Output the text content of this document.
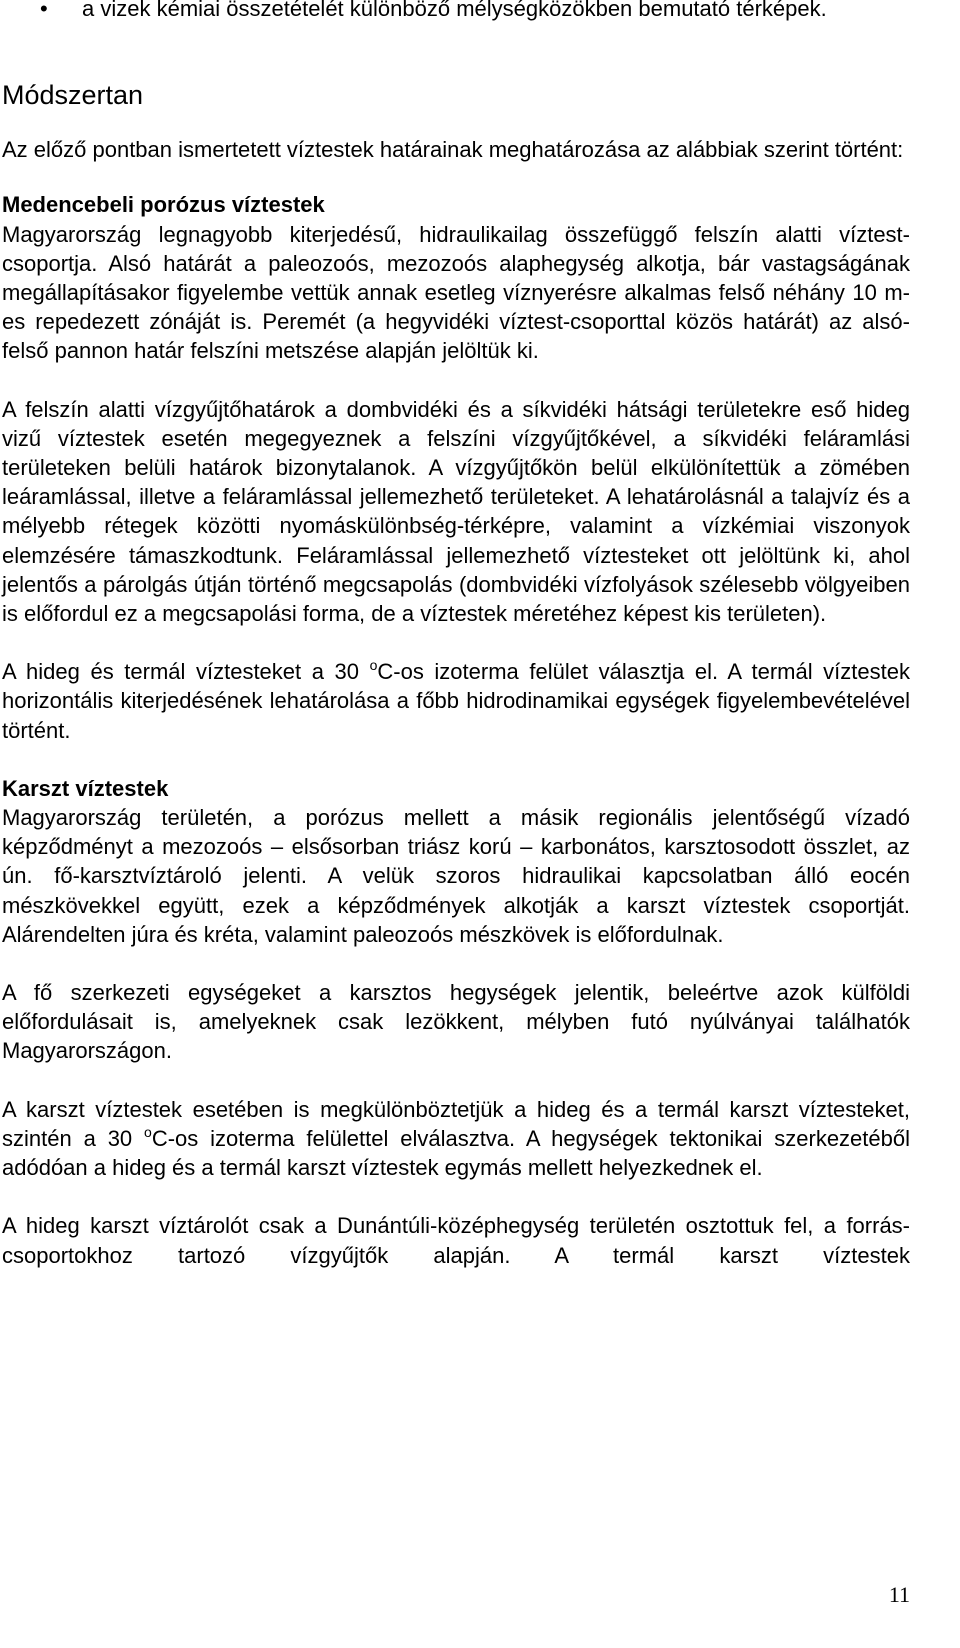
• a vizek kémiai összetételét különböző mélységközökben bemutató térképek.
Módszertan

Az előző pontban ismertetett víztestek határainak meghatározása az alábbiak szerint történt:

Medencebeli porózus víztestek

Magyarország legnagyobb kiterjedésű, hidraulikailag összefüggő felszín alatti víztest-csoportja. Alsó határát a paleozoós, mezozoós alaphegység alkotja, bár vastagságának megállapításakor figyelembe vettük annak esetleg víznyerésre alkalmas felső néhány 10 m-es repedezett zónáját is. Peremét (a hegyvidéki víztest-csoporttal közös határát) az alsó-felső pannon határ felszíni metszése alapján jelöltük ki.

A felszín alatti vízgyűjtőhatárok a dombvidéki és a síkvidéki hátsági területekre eső hideg vizű víztestek esetén megegyeznek a felszíni vízgyűjtőkével, a síkvidéki feláramlási területeken belüli határok bizonytalanok. A vízgyűjtőkön belül elkülönítettük a zömében leáramlással, illetve a feláramlással jellemezhető területeket. A lehatárolásnál a talajvíz és a mélyebb rétegek közötti nyomáskülönbség-térképre, valamint a vízkémiai viszonyok elemzésére támaszkodtunk. Feláramlással jellemezhető víztesteket ott jelöltünk ki, ahol jelentős a párolgás útján történő megcsapolás (dombvidéki vízfolyások szélesebb völgyeiben is előfordul ez a megcsapolási forma, de a víztestek méretéhez képest kis területen).

A hideg és termál víztesteket a 30 $^o$C-os izoterma felület választja el. A termál víztestek horizontális kiterjedésének lehatárolása a főbb hidrodinamikai egységek figyelembevételével történt.

Karszt víztestek

Magyarország területén, a porózus mellett a másik regionális jelentőségű vízadó képződményt a mezozoós – elsősorban triász korú – karbonátos, karsztosodott összlet, az ún. fő-karsztvíztároló jelenti. A velük szoros hidraulikai kapcsolatban álló eocén mészkövekkel együtt, ezek a képződmények alkotják a karszt víztestek csoportját. Alárendelten júra és kréta, valamint paleozoós mészkövek is előfordulnak.

A fő szerkezeti egységeket a karsztos hegységek jelentik, beleértve azok külföldi előfordulásait is, amelyeknek csak lezökkent, mélyben futó nyúlványai találhatók Magyarországon.

A karszt víztestek esetében is megkülönböztetjük a hideg és a termál karszt víztesteket, szintén a 30 $^o$C-os izoterma felülettel elválasztva. A hegységek tektonikai szerkezetéből adódóan a hideg és a termál karszt víztestek egymás mellett helyezkednek el.

A hideg karszt víztárolót csak a Dunántúli-középhegység területén osztottuk fel, a forrás-csoportokhoz tartozó vízgyűjtők alapján. A termál karszt víztestek

11
